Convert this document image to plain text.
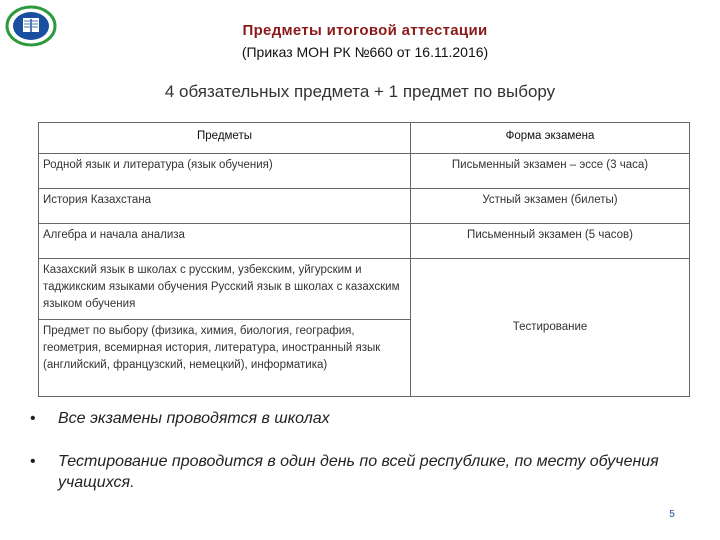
Предметы итоговой аттестации
(Приказ МОН РК №660 от 16.11.2016)
4 обязательных предмета + 1 предмет по выбору
Предметы	Форма экзамена
Родной язык и литература (язык обучения)	Письменный экзамен – эссе (3 часа)
История Казахстана	Устный экзамен (билеты)
Алгебра и начала анализа	Письменный экзамен (5 часов)
Казахский язык в школах с русским, узбекским, уйгурским и таджикским языками обучения Русский язык в школах с казахским языком обучения	Тестирование
Предмет по выбору (физика, химия, биология, география, геометрия, всемирная история, литература, иностранный язык (английский, французский, немецкий), информатика)	
• Все экзамены проводятся в школах
• Тестирование проводится в один день по всей республике, по месту обучения учащихся.
5
